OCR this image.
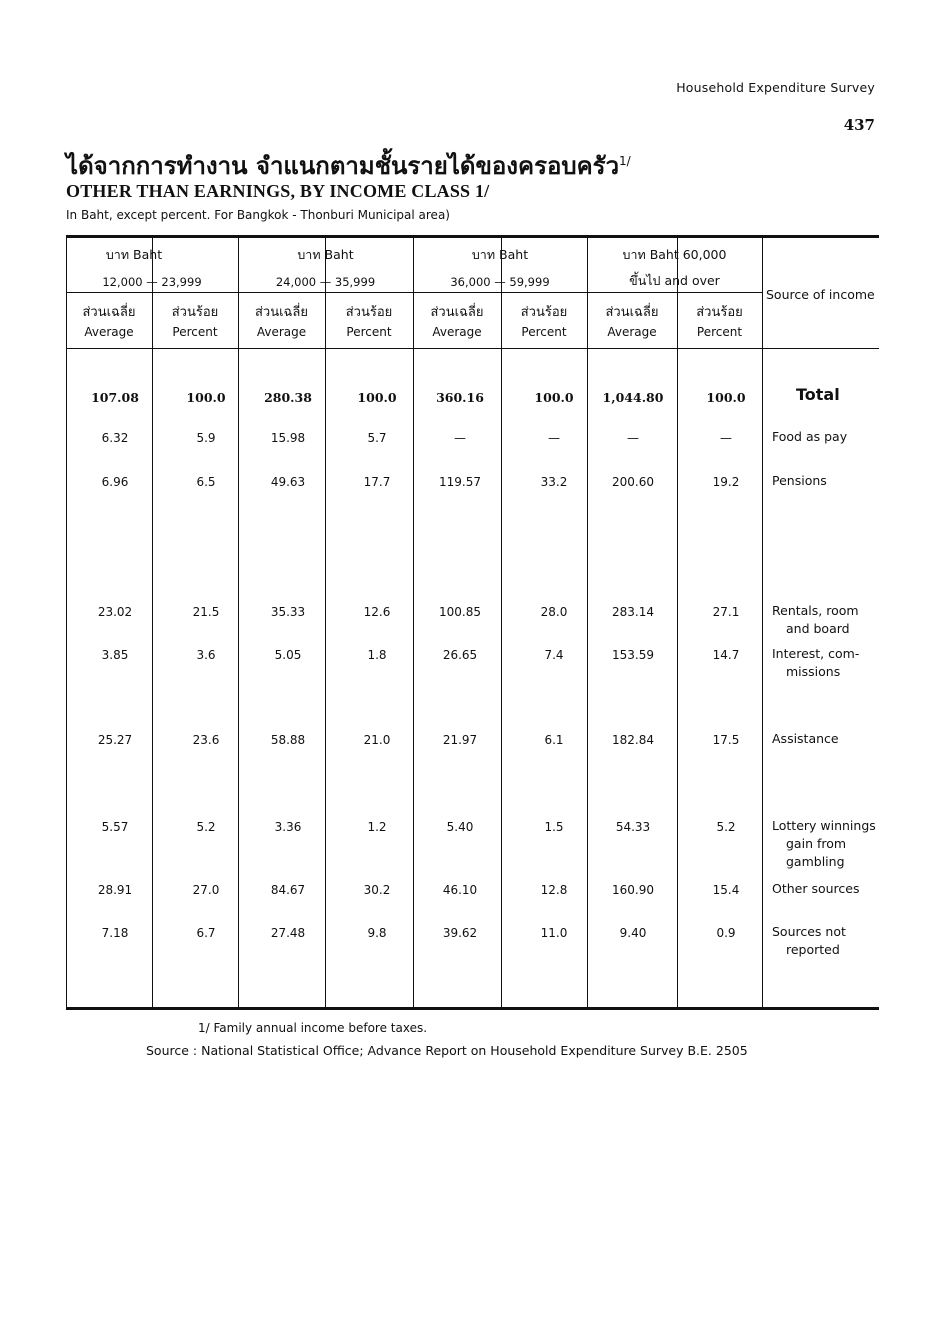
Household Expenditure Survey
437
ได้จากการทำงาน จำแนกตามชั้นรายได้ของครอบครัว$^{1/}$
OTHER THAN EARNINGS, BY INCOME CLASS 1/
In Baht, except percent. For Bangkok - Thonburi Municipal area)
บาท Baht
12,000 — 23,999
บาท Baht
24,000 — 35,999
บาท Baht
36,000 — 59,999
บาท Baht 60,000
ขึ้นไป and over
Source of income
ส่วนเฉลี่ย
Average
ส่วนร้อย
Percent
ส่วนเฉลี่ย
Average
ส่วนร้อย
Percent
ส่วนเฉลี่ย
Average
ส่วนร้อย
Percent
ส่วนเฉลี่ย
Average
ส่วนร้อย
Percent
107.08	100.0	280.38	100.0	360.16	100.0	1,044.80	100.0	Total
6.32	5.9	15.98	5.7	—	—	—	—	Food as pay
6.96	6.5	49.63	17.7	119.57	33.2	200.60	19.2	Pensions
23.02	21.5	35.33	12.6	100.85	28.0	283.14	27.1	Rentals, room
and board
3.85	3.6	5.05	1.8	26.65	7.4	153.59	14.7	Interest, com-
missions
25.27	23.6	58.88	21.0	21.97	6.1	182.84	17.5	Assistance
5.57	5.2	3.36	1.2	5.40	1.5	54.33	5.2	Lottery winnings
gain from
gambling
28.91	27.0	84.67	30.2	46.10	12.8	160.90	15.4	Other sources
7.18	6.7	27.48	9.8	39.62	11.0	9.40	0.9	Sources not
reported
1/ Family annual income before taxes.
Source : National Statistical Office; Advance Report on Household Expenditure Survey B.E. 2505
